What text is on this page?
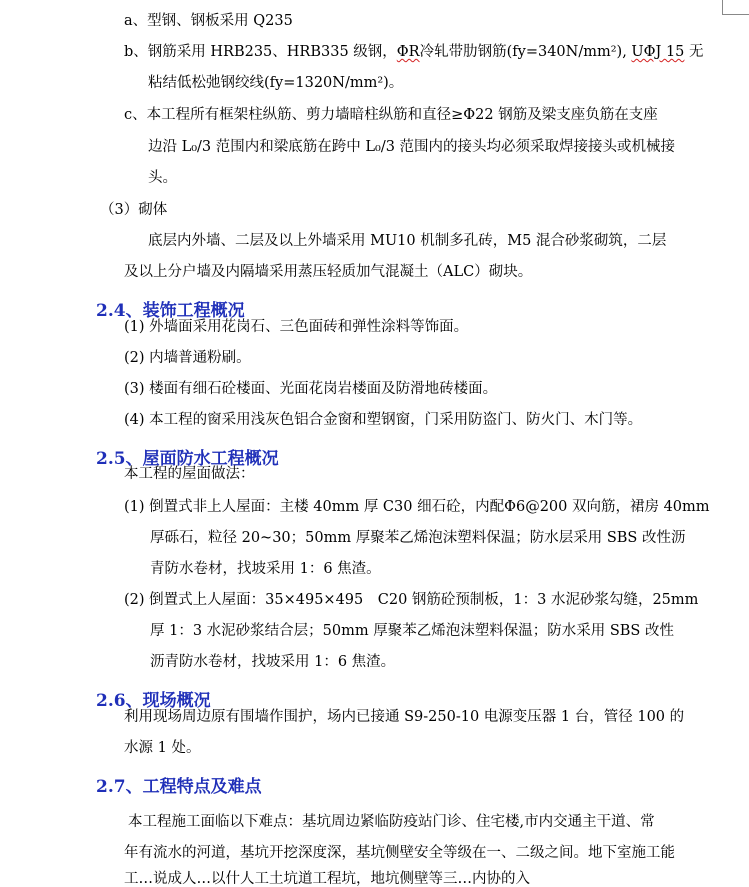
a、型钢、钢板采用 Q235
b、钢筋采用 HRB235、HRB335 级钢，ΦR冷轧带肋钢筋(fy=340N/mm²), UΦJ 15 无
粘结低松弛钢绞线(fy=1320N/mm²)。
c、本工程所有框架柱纵筋、剪力墙暗柱纵筋和直径≥Φ22 钢筋及梁支座负筋在支座
边沿 L₀/3 范围内和梁底筋在跨中 L₀/3 范围内的接头均必须采取焊接接头或机械接
头。
（3）砌体
底层内外墙、二层及以上外墙采用 MU10 机制多孔砖，M5 混合砂浆砌筑，二层
及以上分户墙及内隔墙采用蒸压轻质加气混凝土（ALC）砌块。
2.4、装饰工程概况
(1) 外墙面采用花岗石、三色面砖和弹性涂料等饰面。
(2) 内墙普通粉刷。
(3) 楼面有细石砼楼面、光面花岗岩楼面及防滑地砖楼面。
(4) 本工程的窗采用浅灰色铝合金窗和塑钢窗，门采用防盗门、防火门、木门等。
2.5、屋面防水工程概况
本工程的屋面做法：
(1) 倒置式非上人屋面：主楼 40mm 厚 C30 细石砼，内配Φ6@200 双向筋，裙房 40mm
厚砾石，粒径 20~30；50mm 厚聚苯乙烯泡沫塑料保温；防水层采用 SBS 改性沥
青防水卷材，找坡采用 1：6 焦渣。
(2) 倒置式上人屋面：35×495×495　C20 钢筋砼预制板，1：3 水泥砂浆勾缝，25mm
厚 1：3 水泥砂浆结合层；50mm 厚聚苯乙烯泡沫塑料保温；防水采用 SBS 改性
沥青防水卷材，找坡采用 1：6 焦渣。
2.6、现场概况
利用现场周边原有围墙作围护，场内已接通 S9-250-10 电源变压器 1 台，管径 100 的
水源 1 处。
2.7、工程特点及难点
本工程施工面临以下难点：基坑周边紧临防疫站门诊、住宅楼,市内交通主干道、常
年有流水的河道，基坑开挖深度深，基坑侧壁安全等级在一、二级之间。地下室施工能
工…说成人…以什人工土坑道工程坑，地坑侧壁等三…内协的入
